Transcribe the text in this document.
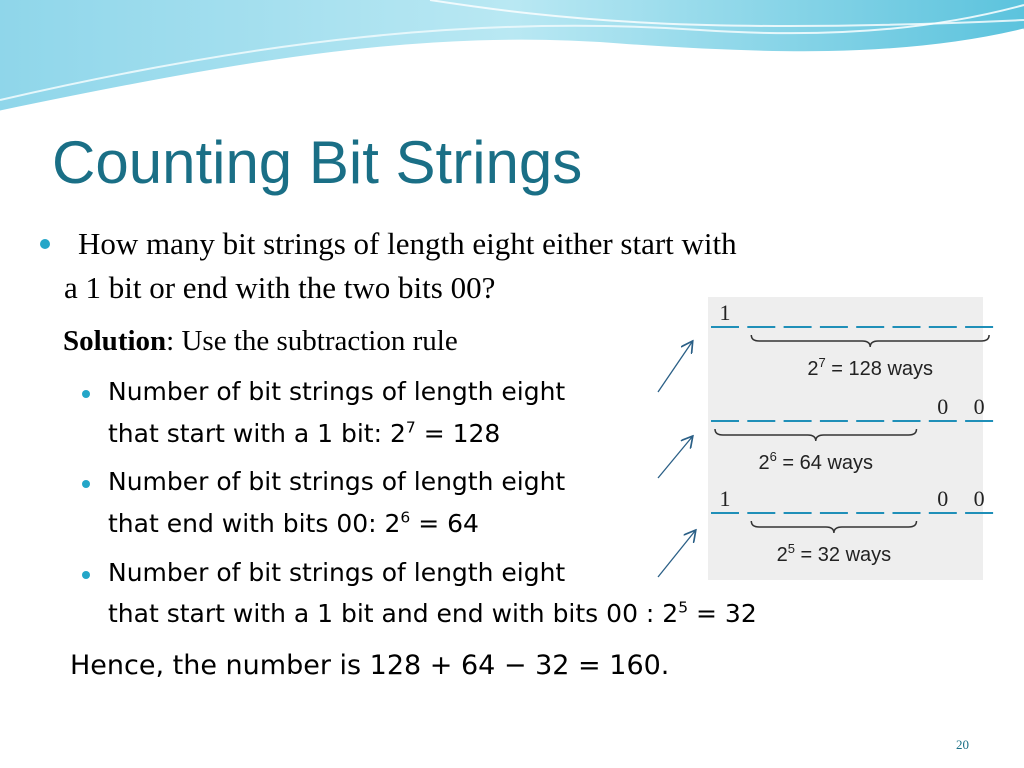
Counting Bit Strings
How many bit strings of length eight either start with
a 1 bit or end with the two bits 00?
Solution: Use the subtraction rule
Number of bit strings of length eight
that start with a 1 bit: $2^7 = 128$
Number of bit strings of length eight
that end with bits 00: $2^6 = 64$
Number of bit strings of length eight
that start with a 1 bit and end with bits 00 : $2^5 = 32$
Hence, the number is 128 + 64 − 32 = 160.
1
$2^7 = 128$ ways
0 0
$2^6 = 64$ ways
1	0 0
$2^5 = 32$ ways
20
